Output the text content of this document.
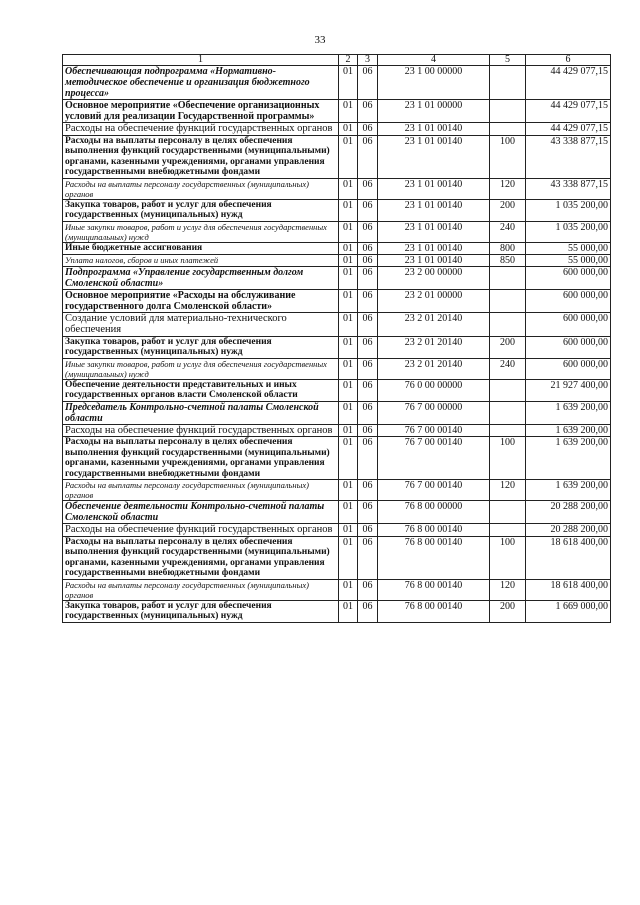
33
1	2	3	4	5	6
Обеспечивающая подпрограмма «Нормативно-методическое обеспечение и организация бюджетного процесса»	01	06	23 1 00 00000		44 429 077,15
Основное мероприятие «Обеспечение организационных условий для реализации Государственной программы»	01	06	23 1 01 00000		44 429 077,15
Расходы на обеспечение функций государственных органов	01	06	23 1 01 00140		44 429 077,15
Расходы на выплаты персоналу в целях обеспечения выполнения функций государственными (муниципальными) органами, казенными учреждениями, органами управления государственными внебюджетными фондами	01	06	23 1 01 00140	100	43 338 877,15
Расходы на выплаты персоналу государственных (муниципальных) органов	01	06	23 1 01 00140	120	43 338 877,15
Закупка товаров, работ и услуг для обеспечения государственных (муниципальных) нужд	01	06	23 1 01 00140	200	1 035 200,00
Иные закупки товаров, работ и услуг для обеспечения государственных (муниципальных) нужд	01	06	23 1 01 00140	240	1 035 200,00
Иные бюджетные ассигнования	01	06	23 1 01 00140	800	55 000,00
Уплата налогов, сборов и иных платежей	01	06	23 1 01 00140	850	55 000,00
Подпрограмма «Управление государственным долгом Смоленской области»	01	06	23 2 00 00000		600 000,00
Основное мероприятие «Расходы на обслуживание государственного долга Смоленской области»	01	06	23 2 01 00000		600 000,00
Создание условий для материально-технического обеспечения	01	06	23 2 01 20140		600 000,00
Закупка товаров, работ и услуг для обеспечения государственных (муниципальных) нужд	01	06	23 2 01 20140	200	600 000,00
Иные закупки товаров, работ и услуг для обеспечения государственных (муниципальных) нужд	01	06	23 2 01 20140	240	600 000,00
Обеспечение деятельности представительных и иных государственных органов власти Смоленской области	01	06	76 0 00 00000		21 927 400,00
Председатель Контрольно-счетной палаты Смоленской области	01	06	76 7 00 00000		1 639 200,00
Расходы на обеспечение функций государственных органов	01	06	76 7 00 00140		1 639 200,00
Расходы на выплаты персоналу в целях обеспечения выполнения функций государственными (муниципальными) органами, казенными учреждениями, органами управления государственными внебюджетными фондами	01	06	76 7 00 00140	100	1 639 200,00
Расходы на выплаты персоналу государственных (муниципальных) органов	01	06	76 7 00 00140	120	1 639 200,00
Обеспечение деятельности Контрольно-счетной палаты Смоленской области	01	06	76 8 00 00000		20 288 200,00
Расходы на обеспечение функций государственных органов	01	06	76 8 00 00140		20 288 200,00
Расходы на выплаты персоналу в целях обеспечения выполнения функций государственными (муниципальными) органами, казенными учреждениями, органами управления государственными внебюджетными фондами	01	06	76 8 00 00140	100	18 618 400,00
Расходы на выплаты персоналу государственных (муниципальных) органов	01	06	76 8 00 00140	120	18 618 400,00
Закупка товаров, работ и услуг для обеспечения государственных (муниципальных) нужд	01	06	76 8 00 00140	200	1 669 000,00
